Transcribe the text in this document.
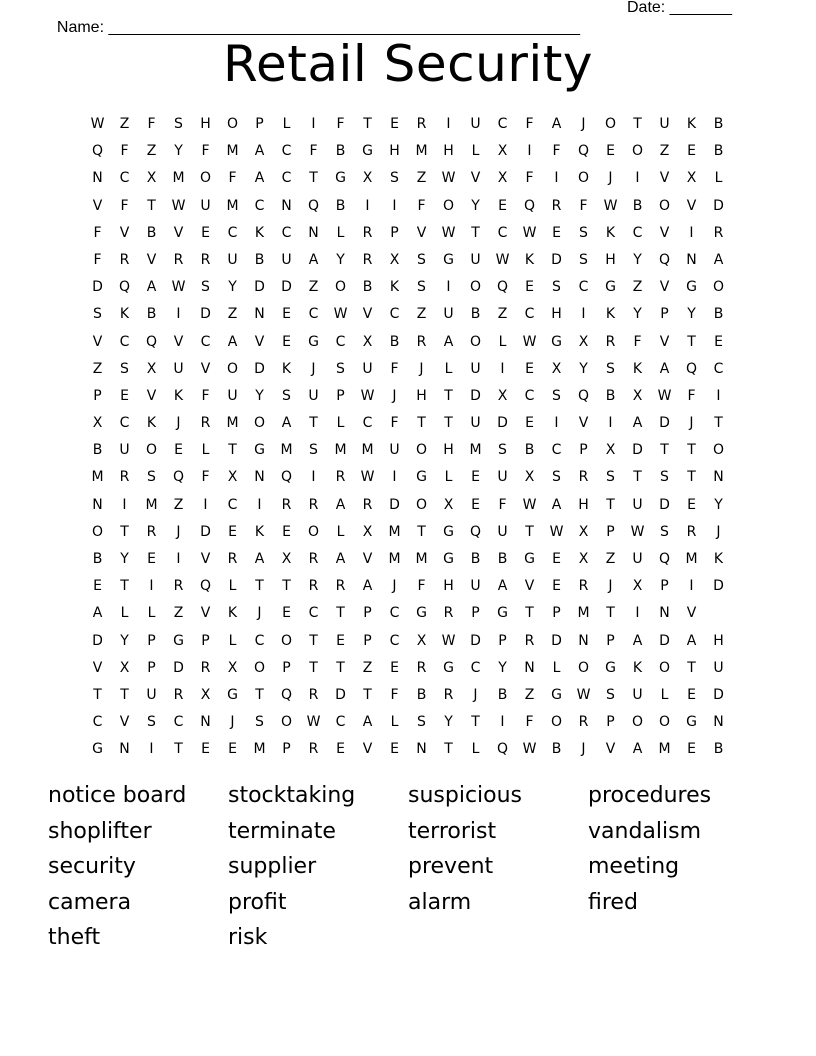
Name: _____________________________________________________

Date: _______

Retail Security
W	Z	F	S	H	O	P	L	I	F	T	E	R	I	U	C	F	A	J	O	T	U	K	B
Q	F	Z	Y	F	M	A	C	F	B	G	H	M	H	L	X	I	F	Q	E	O	Z	E	B
N	C	X	M	O	F	A	C	T	G	X	S	Z	W	V	X	F	I	O	J	I	V	X	L
V	F	T	W	U	M	C	N	Q	B	I	I	F	O	Y	E	Q	R	F	W	B	O	V	D
F	V	B	V	E	C	K	C	N	L	R	P	V	W	T	C	W	E	S	K	C	V	I	R
F	R	V	R	R	U	B	U	A	Y	R	X	S	G	U	W	K	D	S	H	Y	Q	N	A
D	Q	A	W	S	Y	D	D	Z	O	B	K	S	I	O	Q	E	S	C	G	Z	V	G	O
S	K	B	I	D	Z	N	E	C	W	V	C	Z	U	B	Z	C	H	I	K	Y	P	Y	B
V	C	Q	V	C	A	V	E	G	C	X	B	R	A	O	L	W	G	X	R	F	V	T	E
Z	S	X	U	V	O	D	K	J	S	U	F	J	L	U	I	E	X	Y	S	K	A	Q	C
P	E	V	K	F	U	Y	S	U	P	W	J	H	T	D	X	C	S	Q	B	X	W	F	I
X	C	K	J	R	M	O	A	T	L	C	F	T	T	U	D	E	I	V	I	A	D	J	T
B	U	O	E	L	T	G	M	S	M	M	U	O	H	M	S	B	C	P	X	D	T	T	O
M	R	S	Q	F	X	N	Q	I	R	W	I	G	L	E	U	X	S	R	S	T	S	T	N
N	I	M	Z	I	C	I	R	R	A	R	D	O	X	E	F	W	A	H	T	U	D	E	Y
O	T	R	J	D	E	K	E	O	L	X	M	T	G	Q	U	T	W	X	P	W	S	R	J
B	Y	E	I	V	R	A	X	R	A	V	M	M	G	B	B	G	E	X	Z	U	Q	M	K
E	T	I	R	Q	L	T	T	R	R	A	J	F	H	U	A	V	E	R	J	X	P	I	D
A	L	L	Z	V	K	J	E	C	T	P	C	G	R	P	G	T	P	M	T	I	N	V
D	Y	P	G	P	L	C	O	T	E	P	C	X	W	D	P	R	D	N	P	A	D	A	H
V	X	P	D	R	X	O	P	T	T	Z	E	R	G	C	Y	N	L	O	G	K	O	T	U
T	T	U	R	X	G	T	Q	R	D	T	F	B	R	J	B	Z	G	W	S	U	L	E	D
C	V	S	C	N	J	S	O	W	C	A	L	S	Y	T	I	F	O	R	P	O	O	G	N
G	N	I	T	E	E	M	P	R	E	V	E	N	T	L	Q	W	B	J	V	A	M	E	B
notice board	stocktaking	suspicious	procedures
shoplifter	terminate	terrorist	vandalism
security	supplier	prevent	meeting
camera	profit	alarm	fired
theft	risk
